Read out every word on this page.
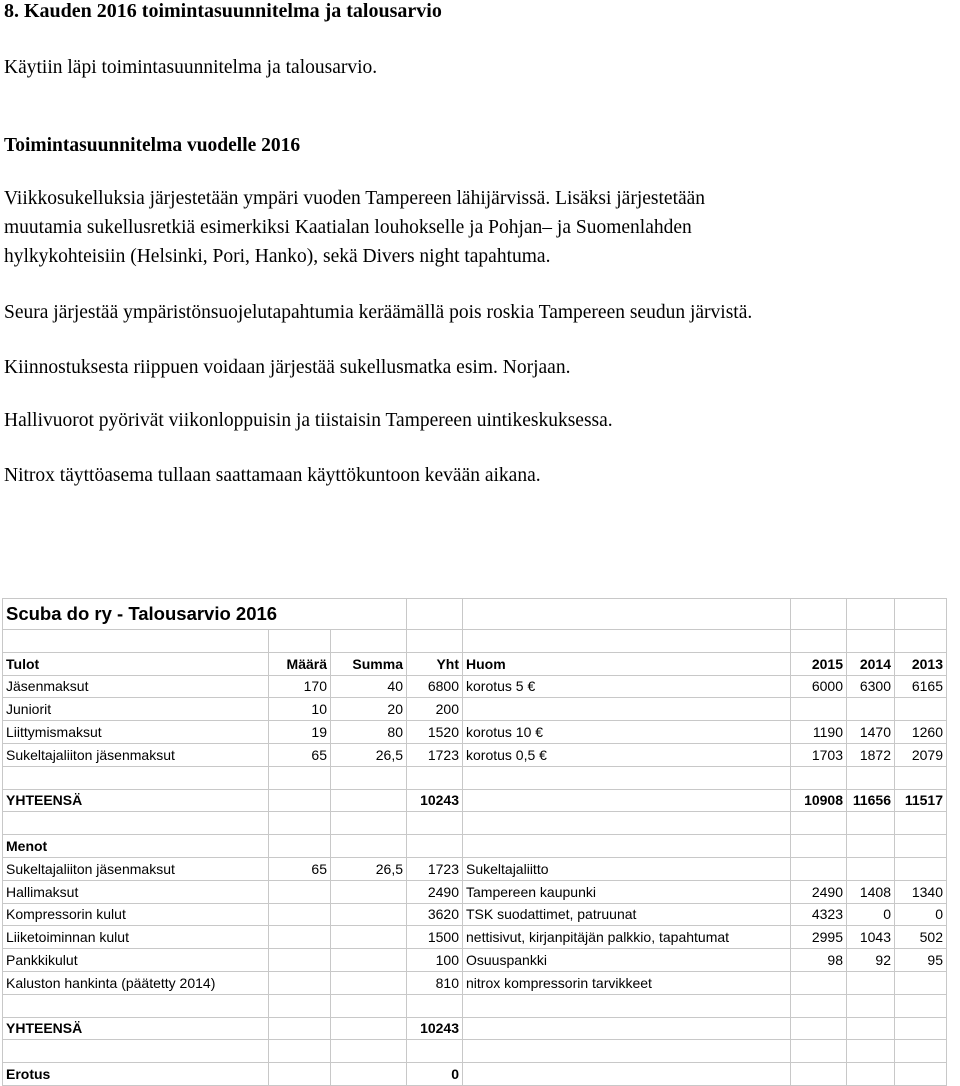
8. Kauden 2016 toimintasuunnitelma ja talousarvio
Käytiin läpi toimintasuunnitelma ja talousarvio.
Toimintasuunnitelma vuodelle 2016
Viikkosukelluksia järjestetään ympäri vuoden Tampereen lähijärvissä. Lisäksi järjestetään
muutamia sukellusretkiä esimerkiksi Kaatialan louhokselle ja Pohjan– ja Suomenlahden
hylkykohteisiin (Helsinki, Pori, Hanko), sekä Divers night tapahtuma.
Seura järjestää ympäristönsuojelutapahtumia keräämällä pois roskia Tampereen seudun järvistä.
Kiinnostuksesta riippuen voidaan järjestää sukellusmatka esim. Norjaan.
Hallivuorot pyörivät viikonloppuisin ja tiistaisin Tampereen uintikeskuksessa.
Nitrox täyttöasema tullaan saattamaan käyttökuntoon kevään aikana.
Scuba do ry - Talousarvio 2016							

Tulot	Määrä	Summa	Yht	Huom	2015	2014	2013
Jäsenmaksut	170	40	6800	korotus 5 €	6000	6300	6165
Juniorit	10	20	200				
Liittymismaksut	19	80	1520	korotus 10 €	1190	1470	1260
Sukeltajaliiton jäsenmaksut	65	26,5	1723	korotus 0,5 €	1703	1872	2079

YHTEENSÄ			10243		10908	11656	11517

Menot							
Sukeltajaliiton jäsenmaksut	65	26,5	1723	Sukeltajaliitto			
Hallimaksut			2490	Tampereen kaupunki	2490	1408	1340
Kompressorin kulut			3620	TSK suodattimet, patruunat	4323	0	0
Liiketoiminnan kulut			1500	nettisivut, kirjanpitäjän palkkio, tapahtumat	2995	1043	502
Pankkikulut			100	Osuuspankki	98	92	95
Kaluston hankinta (päätetty 2014)			810	nitrox kompressorin tarvikkeet			

YHTEENSÄ			10243				

Erotus			0				
